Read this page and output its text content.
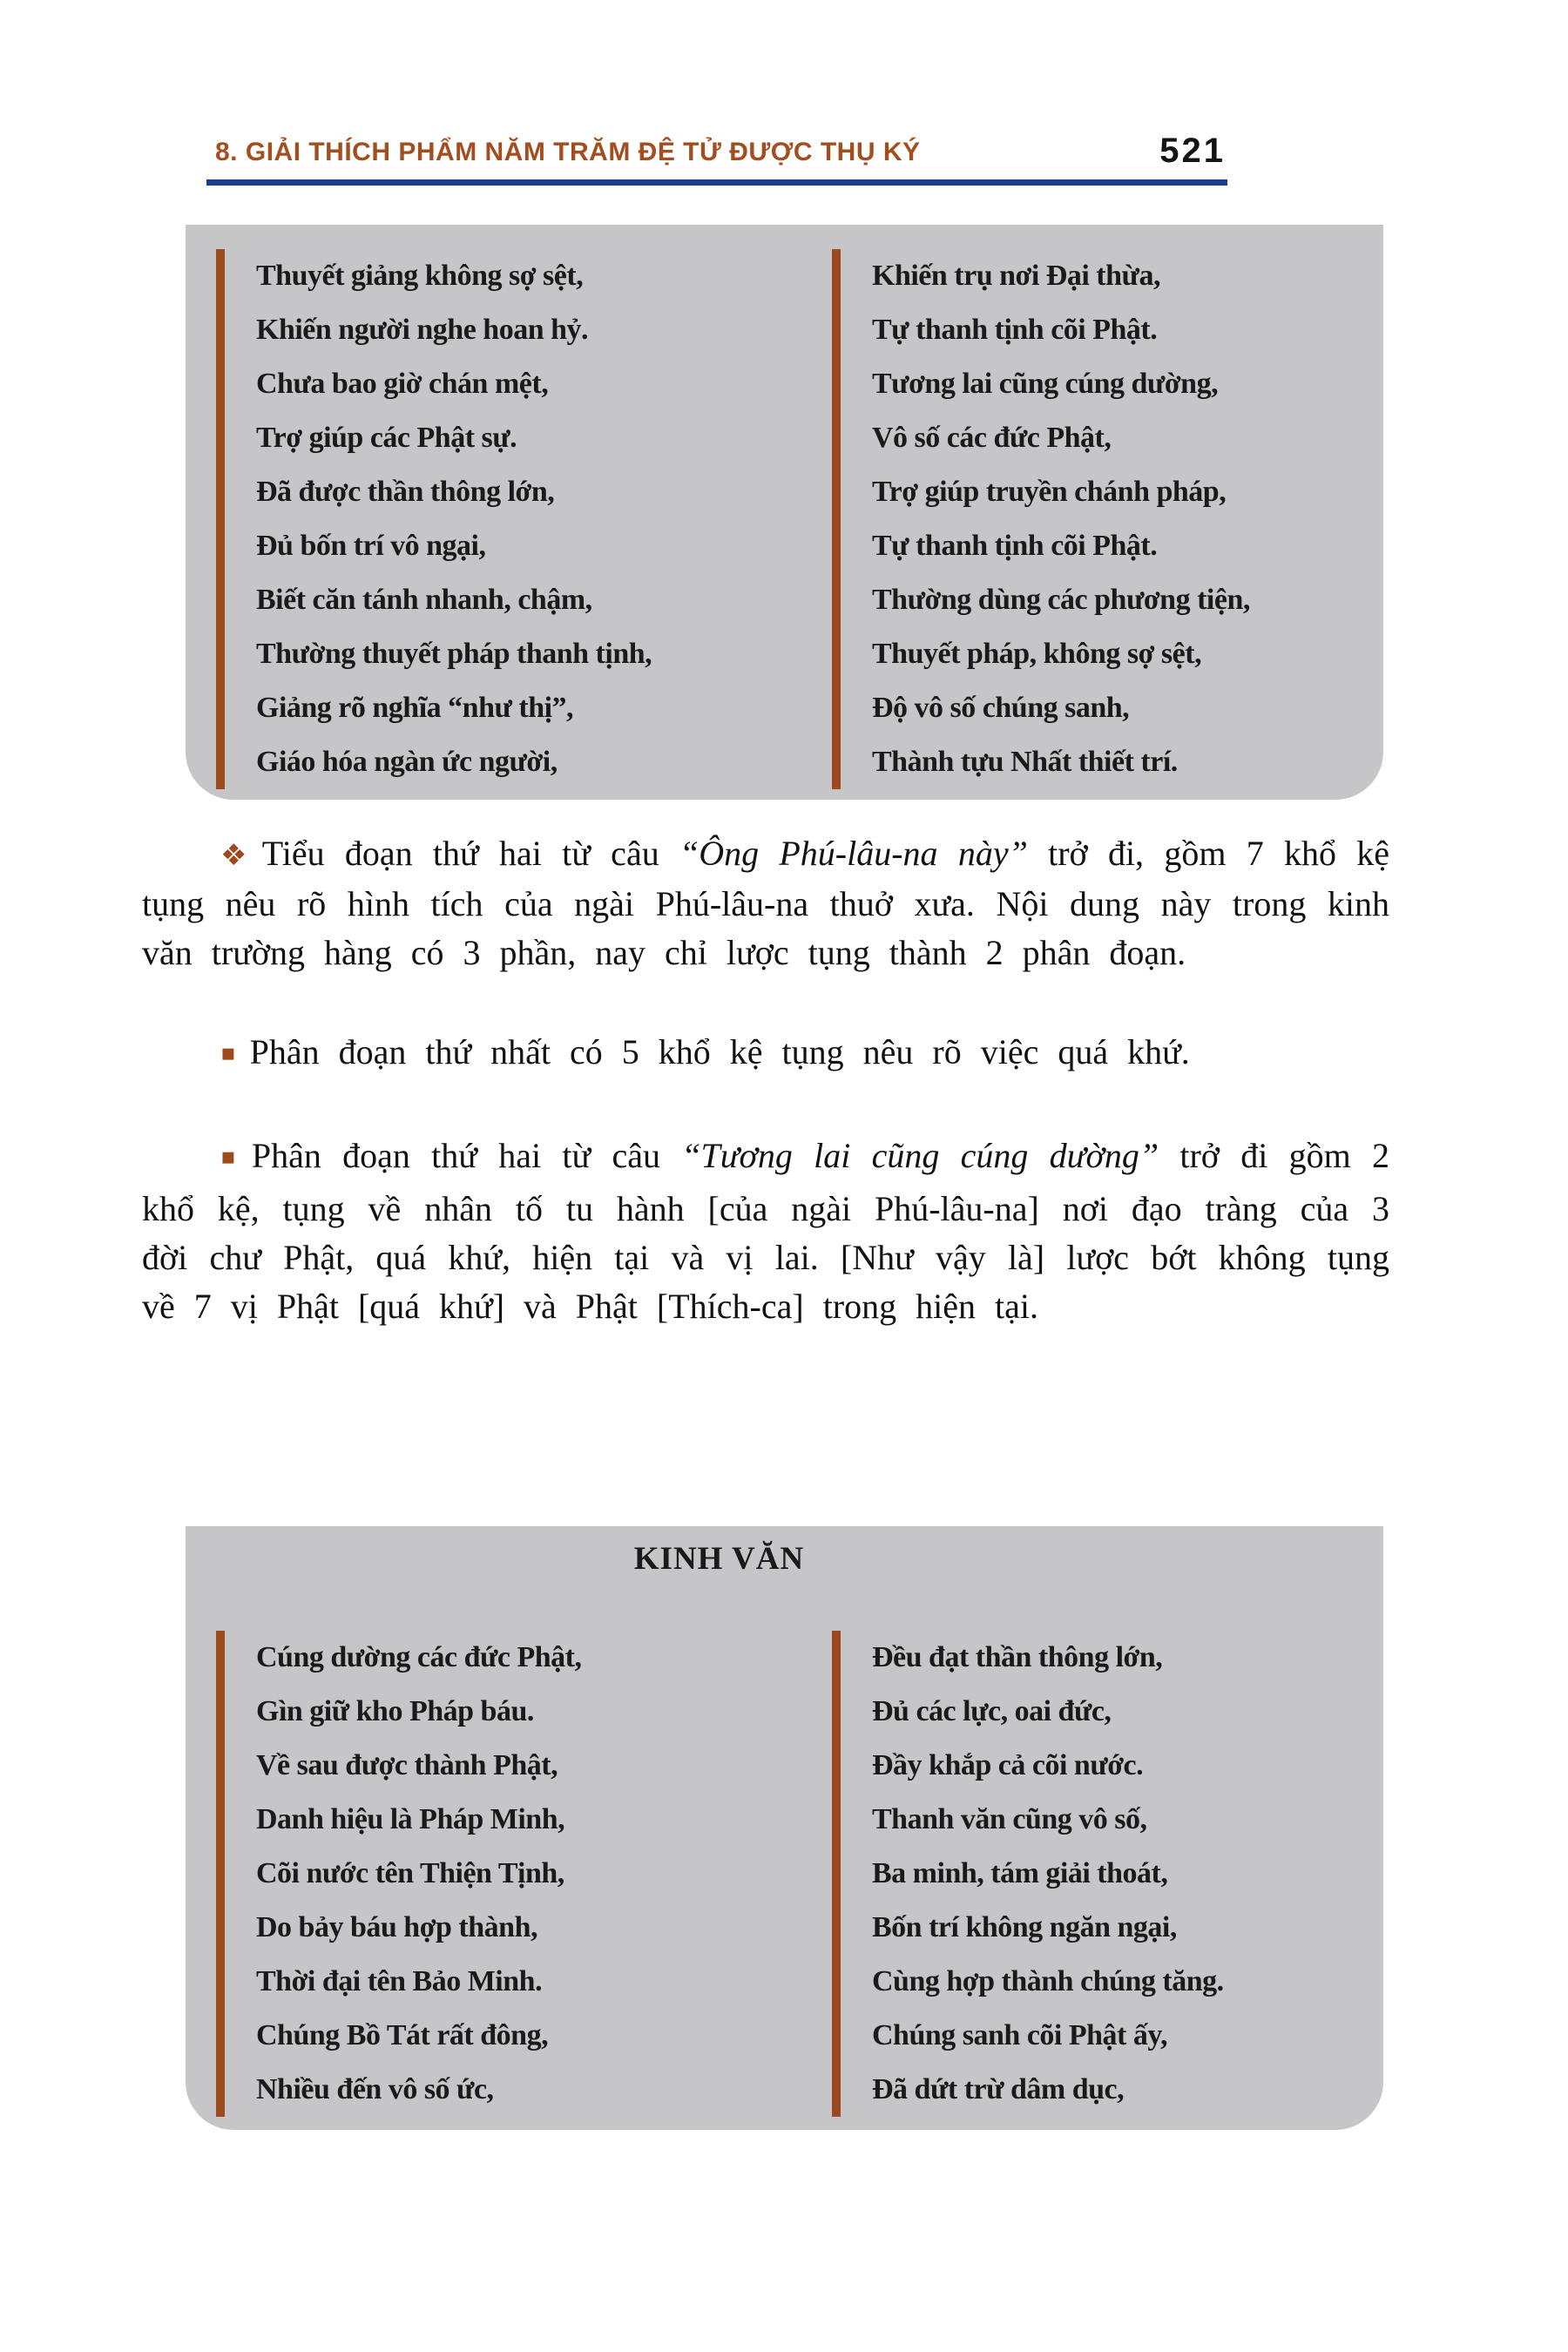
8. GIẢI THÍCH PHẨM NĂM TRĂM ĐỆ TỬ ĐƯỢC THỤ KÝ	521
Thuyết giảng không sợ sệt,
Khiến người nghe hoan hỷ.
Chưa bao giờ chán mệt,
Trợ giúp các Phật sự.
Đã được thần thông lớn,
Đủ bốn trí vô ngại,
Biết căn tánh nhanh, chậm,
Thường thuyết pháp thanh tịnh,
Giảng rõ nghĩa “như thị”,
Giáo hóa ngàn ức người,
Khiến trụ nơi Đại thừa,
Tự thanh tịnh cõi Phật.
Tương lai cũng cúng dường,
Vô số các đức Phật,
Trợ giúp truyền chánh pháp,
Tự thanh tịnh cõi Phật.
Thường dùng các phương tiện,
Thuyết pháp, không sợ sệt,
Độ vô số chúng sanh,
Thành tựu Nhất thiết trí.

❖ Tiểu đoạn thứ hai từ câu “Ông Phú-lâu-na này” trở đi, gồm 7 khổ kệ tụng nêu rõ hình tích của ngài Phú-lâu-na thuở xưa. Nội dung này trong kinh văn trường hàng có 3 phần, nay chỉ lược tụng thành 2 phân đoạn.

▪ Phân đoạn thứ nhất có 5 khổ kệ tụng nêu rõ việc quá khứ.

▪ Phân đoạn thứ hai từ câu “Tương lai cũng cúng dường” trở đi gồm 2 khổ kệ, tụng về nhân tố tu hành [của ngài Phú-lâu-na] nơi đạo tràng của 3 đời chư Phật, quá khứ, hiện tại và vị lai. [Như vậy là] lược bớt không tụng về 7 vị Phật [quá khứ] và Phật [Thích-ca] trong hiện tại.

KINH VĂN
Cúng dường các đức Phật,
Gìn giữ kho Pháp báu.
Về sau được thành Phật,
Danh hiệu là Pháp Minh,
Cõi nước tên Thiện Tịnh,
Do bảy báu hợp thành,
Thời đại tên Bảo Minh.
Chúng Bồ Tát rất đông,
Nhiều đến vô số ức,
Đều đạt thần thông lớn,
Đủ các lực, oai đức,
Đầy khắp cả cõi nước.
Thanh văn cũng vô số,
Ba minh, tám giải thoát,
Bốn trí không ngăn ngại,
Cùng hợp thành chúng tăng.
Chúng sanh cõi Phật ấy,
Đã dứt trừ dâm dục,
